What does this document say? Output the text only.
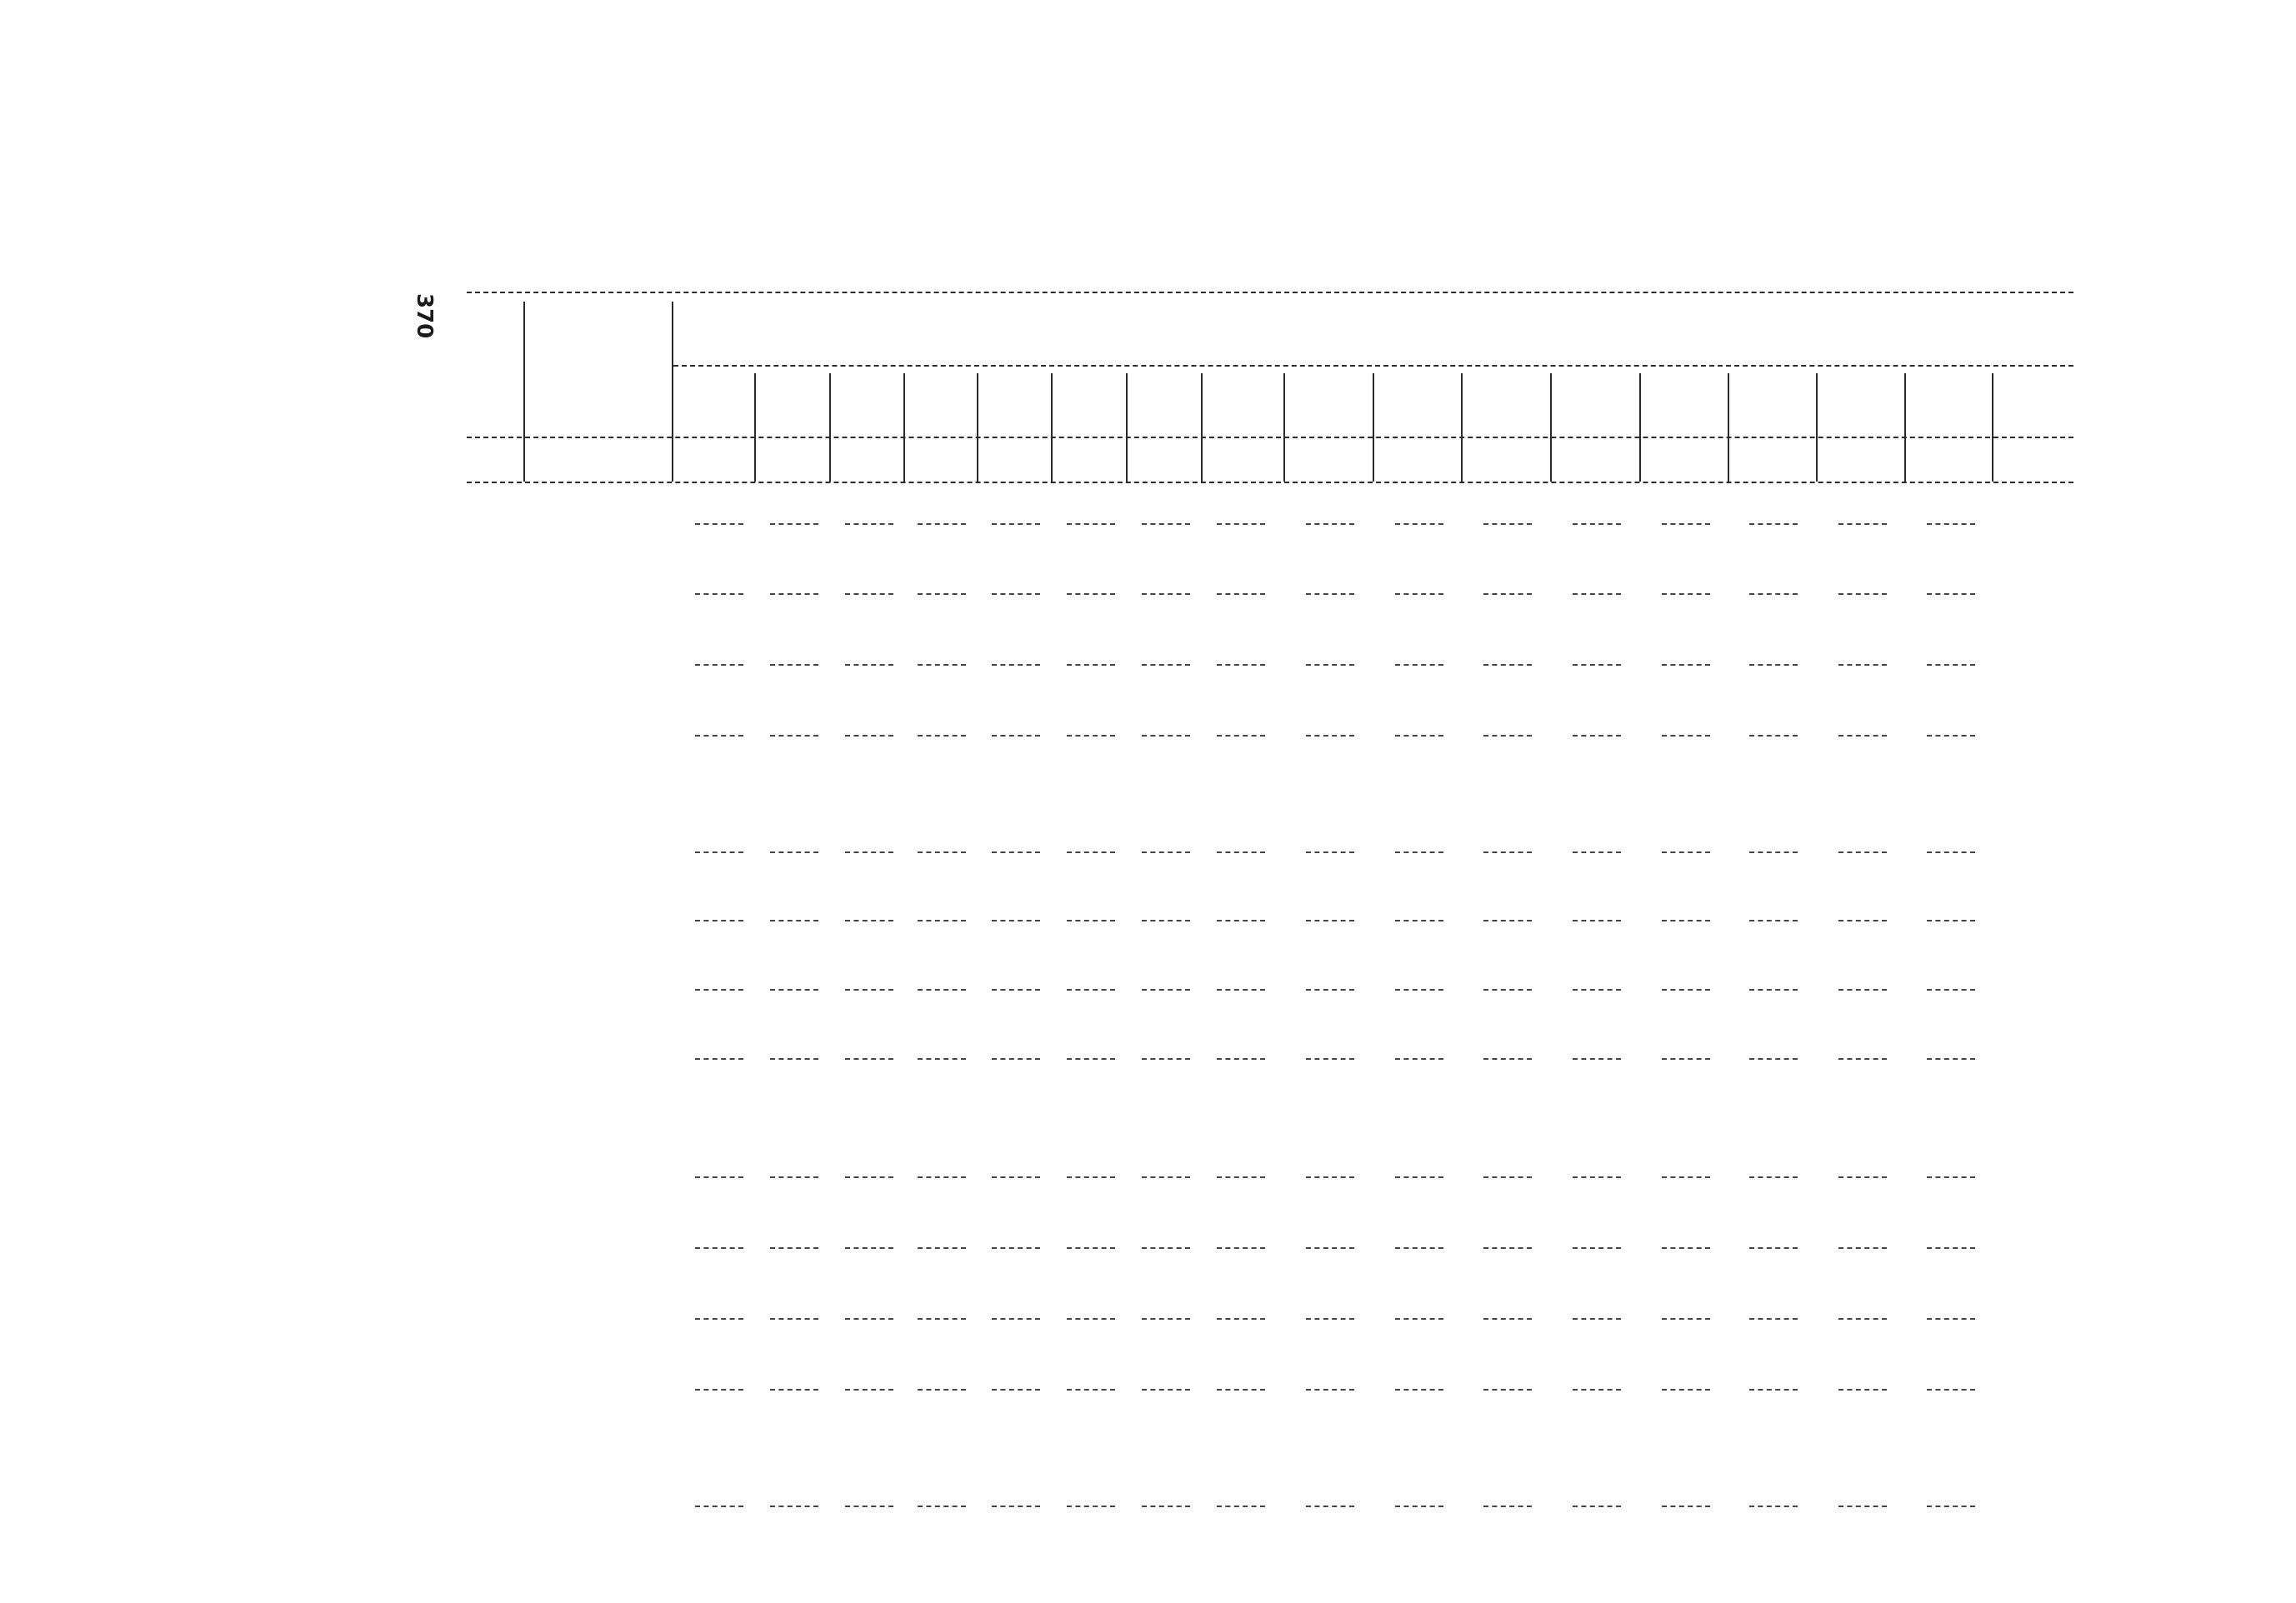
370
